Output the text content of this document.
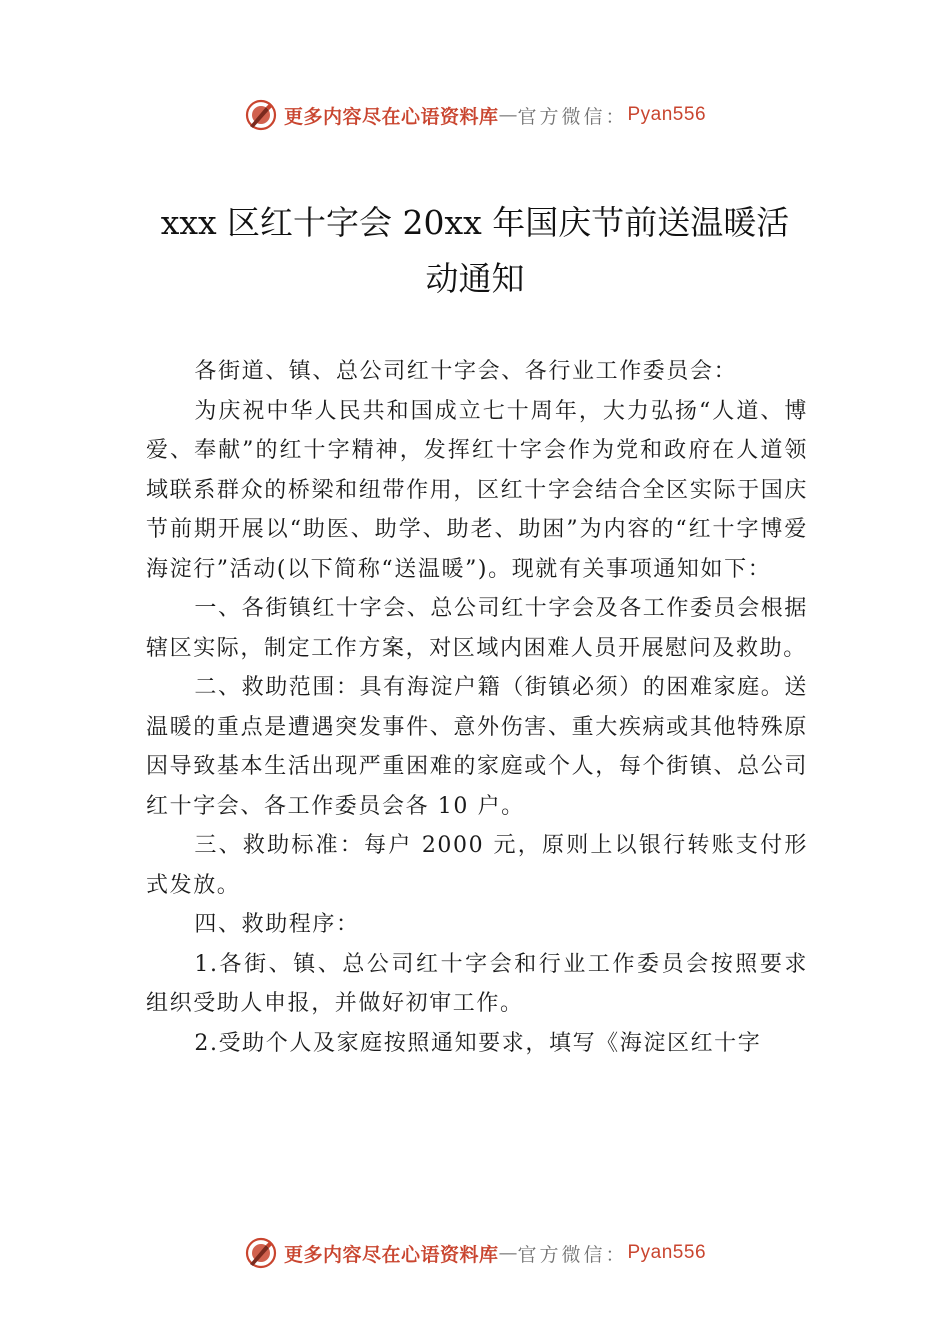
更多内容尽在心语资料库 — 官方微信： Pyan556
xxx 区红十字会 20xx 年国庆节前送温暖活
动通知

各街道、镇、总公司红十字会、各行业工作委员会：

为庆祝中华人民共和国成立七十周年，大力弘扬“人道、博爱、奉献”的红十字精神，发挥红十字会作为党和政府在人道领域联系群众的桥梁和纽带作用，区红十字会结合全区实际于国庆节前期开展以“助医、助学、助老、助困”为内容的“红十字博爱海淀行”活动(以下简称“送温暖”)。现就有关事项通知如下：

一、各街镇红十字会、总公司红十字会及各工作委员会根据辖区实际，制定工作方案，对区域内困难人员开展慰问及救助。

二、救助范围：具有海淀户籍（街镇必须）的困难家庭。送温暖的重点是遭遇突发事件、意外伤害、重大疾病或其他特殊原因导致基本生活出现严重困难的家庭或个人，每个街镇、总公司红十字会、各工作委员会各 10 户。

三、救助标准：每户 2000 元，原则上以银行转账支付形式发放。

四、救助程序：

1.各街、镇、总公司红十字会和行业工作委员会按照要求组织受助人申报，并做好初审工作。

2.受助个人及家庭按照通知要求，填写《海淀区红十字

更多内容尽在心语资料库 — 官方微信： Pyan556
